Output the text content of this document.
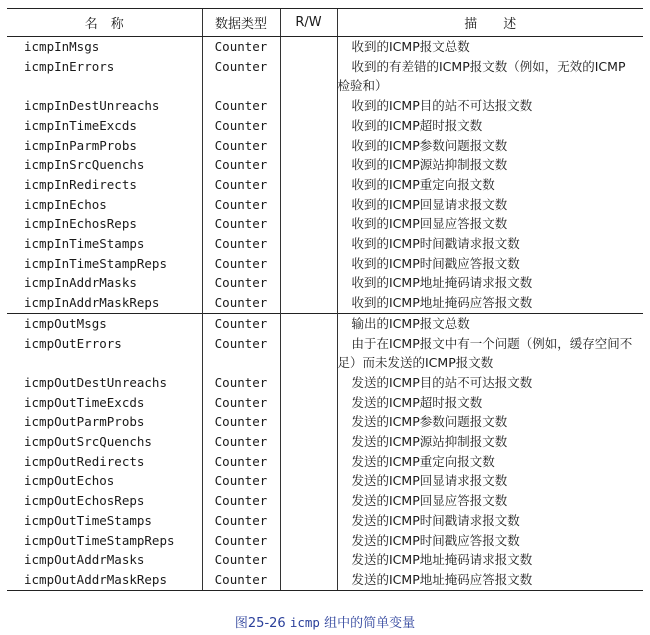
名　称	数据类型	R/W	描　　述
icmpInMsgs	Counter		收到的ICMP报文总数

icmpInErrors	Counter		收到的有差错的ICMP报文数（例如，无效的ICMP检验和）

icmpInDestUnreachs	Counter		收到的ICMP目的站不可达报文数

icmpInTimeExcds	Counter		收到的ICMP超时报文数

icmpInParmProbs	Counter		收到的ICMP参数问题报文数

icmpInSrcQuenchs	Counter		收到的ICMP源站抑制报文数

icmpInRedirects	Counter		收到的ICMP重定向报文数

icmpInEchos	Counter		收到的ICMP回显请求报文数

icmpInEchosReps	Counter		收到的ICMP回显应答报文数

icmpInTimeStamps	Counter		收到的ICMP时间戳请求报文数

icmpInTimeStampReps	Counter		收到的ICMP时间戳应答报文数

icmpInAddrMasks	Counter		收到的ICMP地址掩码请求报文数

icmpInAddrMaskReps	Counter		收到的ICMP地址掩码应答报文数

icmpOutMsgs	Counter		输出的ICMP报文总数

icmpOutErrors	Counter		由于在ICMP报文中有一个问题（例如，缓存空间不足）而未发送的ICMP报文数

icmpOutDestUnreachs	Counter		发送的ICMP目的站不可达报文数

icmpOutTimeExcds	Counter		发送的ICMP超时报文数

icmpOutParmProbs	Counter		发送的ICMP参数问题报文数

icmpOutSrcQuenchs	Counter		发送的ICMP源站抑制报文数

icmpOutRedirects	Counter		发送的ICMP重定向报文数

icmpOutEchos	Counter		发送的ICMP回显请求报文数

icmpOutEchosReps	Counter		发送的ICMP回显应答报文数

icmpOutTimeStamps	Counter		发送的ICMP时间戳请求报文数

icmpOutTimeStampReps	Counter		发送的ICMP时间戳应答报文数

icmpOutAddrMasks	Counter		发送的ICMP地址掩码请求报文数

icmpOutAddrMaskReps	Counter		发送的ICMP地址掩码应答报文数
图25-26 icmp 组中的简单变量
